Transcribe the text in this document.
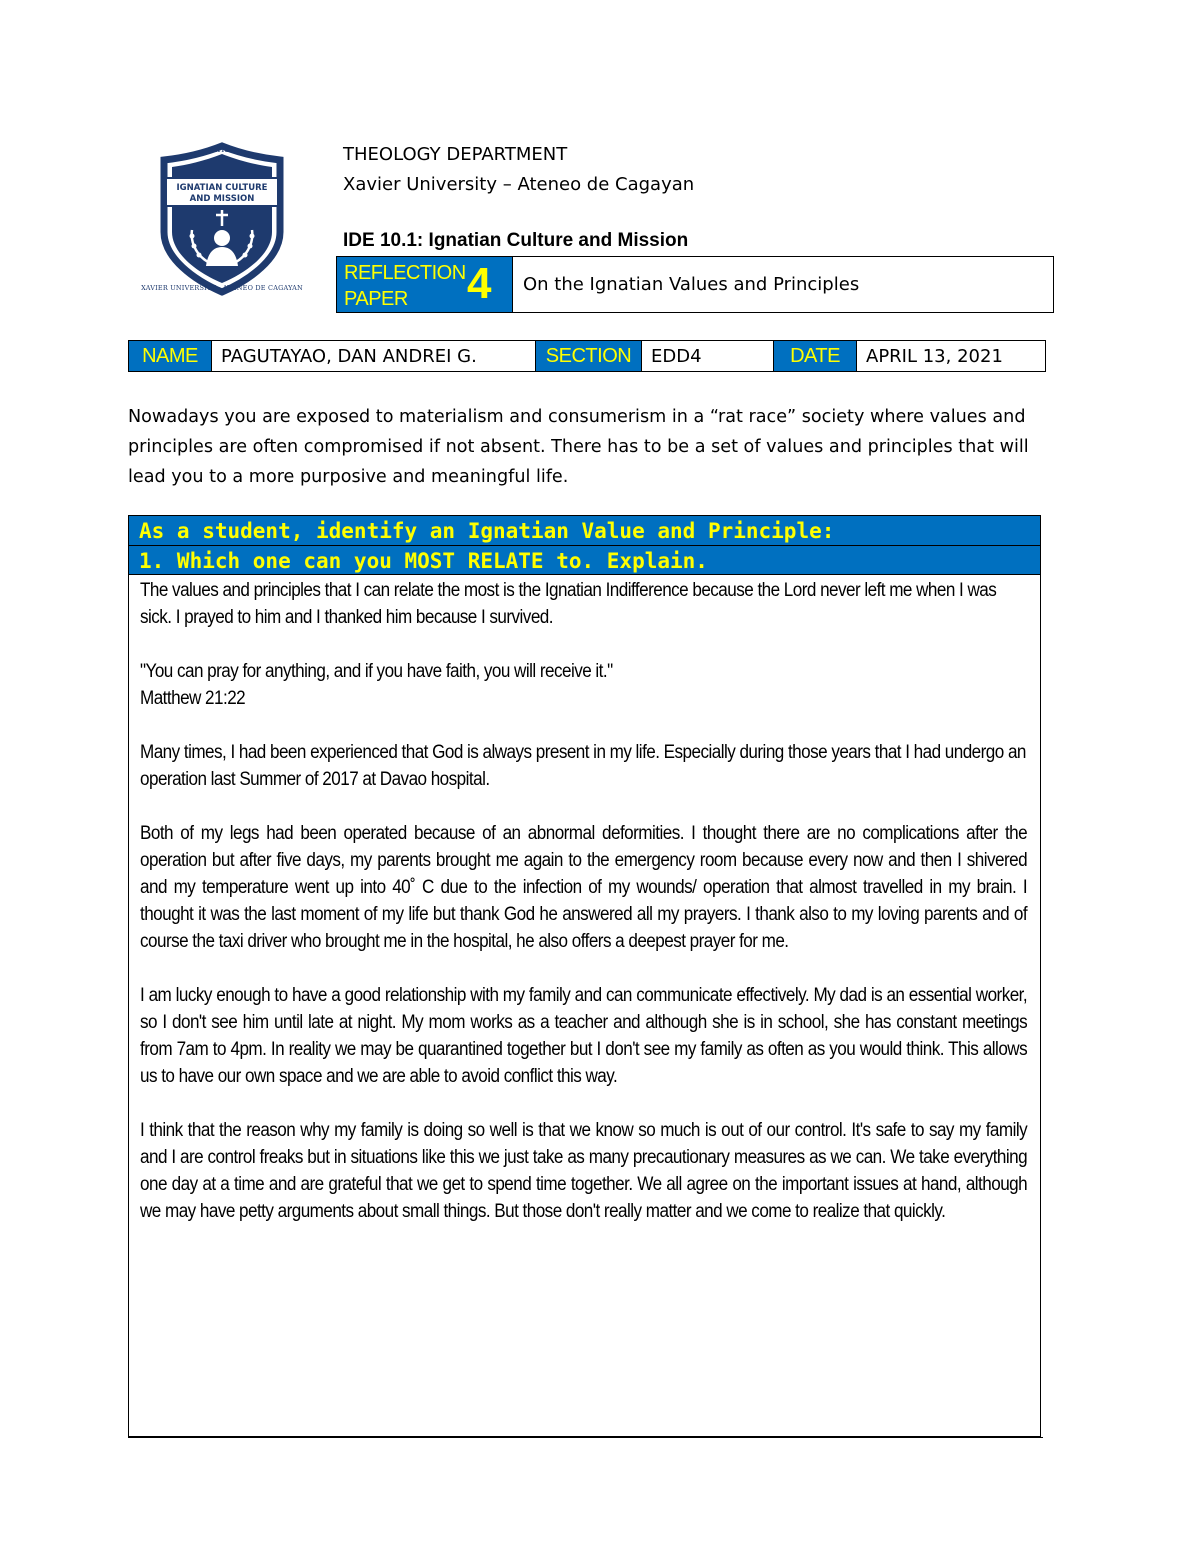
IHS
IGNATIAN CULTURE
AND MISSION
XAVIER UNIVERSITY · ATENEO DE CAGAYAN
THEOLOGY DEPARTMENT
Xavier University – Ateneo de Cagayan
IDE 10.1: Ignatian Culture and Mission
REFLECTION
PAPER	4	On the Ignatian Values and Principles
NAME	PAGUTAYAO, DAN ANDREI G.	SECTION	EDD4	DATE	APRIL 13, 2021
Nowadays you are exposed to materialism and consumerism in a “rat race” society where values and principles are often compromised if not absent. There has to be a set of values and principles that will lead you to a more purposive and meaningful life.
As a student, identify an Ignatian Value and Principle:
1. Which one can you MOST RELATE to. Explain.

The values and principles that I can relate the most is the Ignatian Indifference because the Lord never left me when I was sick. I prayed to him and I thanked him because I survived.

"You can pray for anything, and if you have faith, you will receive it."
Matthew 21:22

Many times, I had been experienced that God is always present in my life. Especially during those years that I had undergo an operation last Summer of 2017 at Davao hospital.

Both of my legs had been operated because of an abnormal deformities. I thought there are no complications after the operation but after five days, my parents brought me again to the emergency room because every now and then I shivered and my temperature went up into 40˚ C due to the infection of my wounds/ operation that almost travelled in my brain. I thought it was the last moment of my life but thank God he answered all my prayers. I thank also to my loving parents and of course the taxi driver who brought me in the hospital, he also offers a deepest prayer for me.

I am lucky enough to have a good relationship with my family and can communicate effectively. My dad is an essential worker, so I don't see him until late at night. My mom works as a teacher and although she is in school, she has constant meetings from 7am to 4pm. In reality we may be quarantined together but I don't see my family as often as you would think. This allows us to have our own space and we are able to avoid conflict this way.

I think that the reason why my family is doing so well is that we know so much is out of our control. It's safe to say my family and I are control freaks but in situations like this we just take as many precautionary measures as we can. We take everything one day at a time and are grateful that we get to spend time together. We all agree on the important issues at hand, although we may have petty arguments about small things. But those don't really matter and we come to realize that quickly.
